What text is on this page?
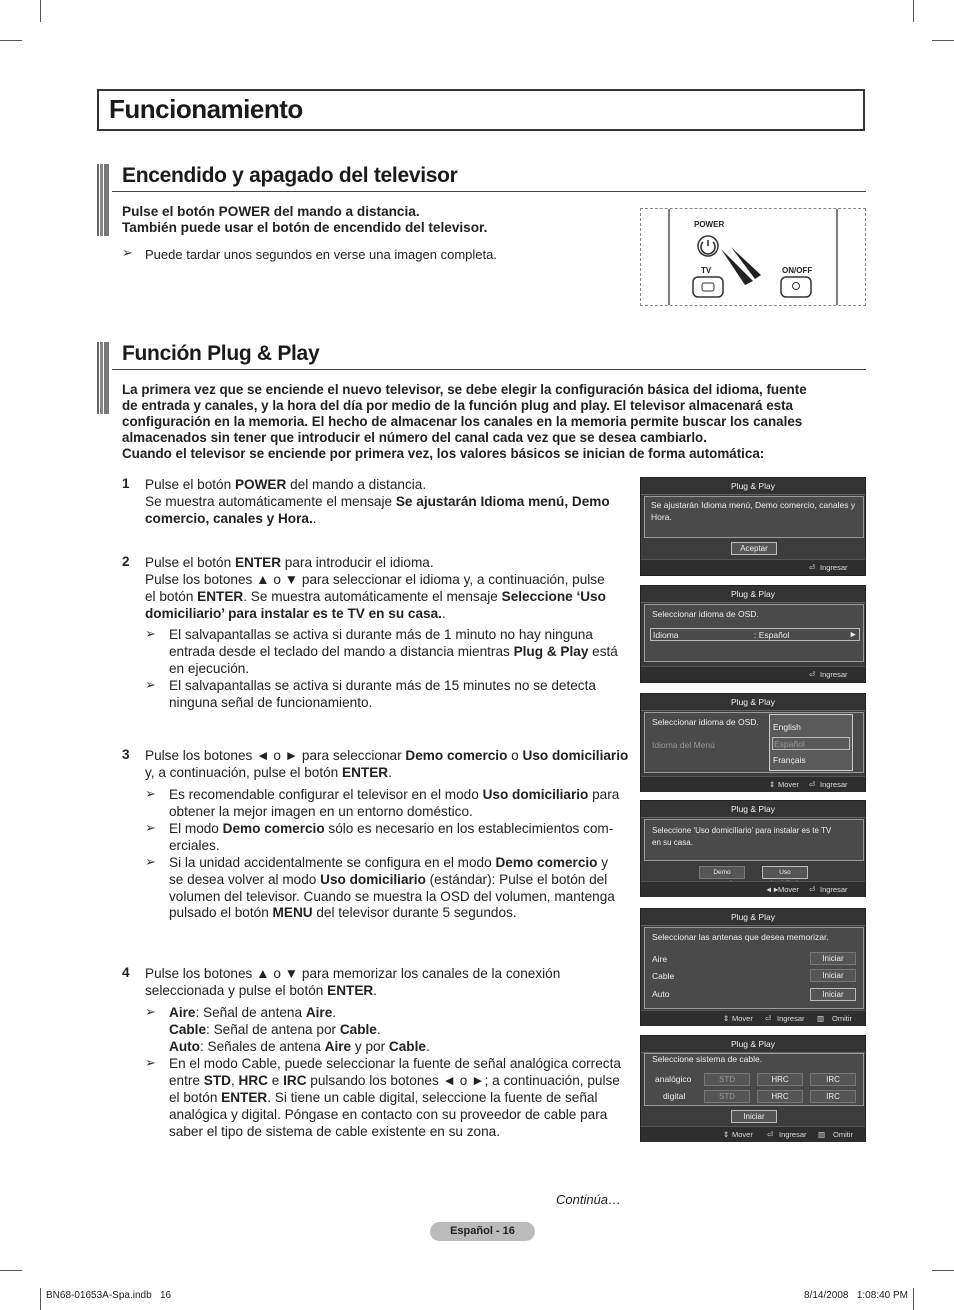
Funcionamiento
Encendido y apagado del televisor
Pulse el botón POWER del mando a distancia.
También puede usar el botón de encendido del televisor.
➢ Puede tardar unos segundos en verse una imagen completa.
POWER
TV	ON/OFF
Función Plug & Play
La primera vez que se enciende el nuevo televisor, se debe elegir la configuración básica del idioma, fuente
de entrada y canales, y la hora del día por medio de la función plug and play. El televisor almacenará esta
configuración en la memoria. El hecho de almacenar los canales en la memoria permite buscar los canales
almacenados sin tener que introducir el número del canal cada vez que se desea cambiarlo.
Cuando el televisor se enciende por primera vez, los valores básicos se inician de forma automática:
1 Pulse el botón POWER del mando a distancia.
Se muestra automáticamente el mensaje Se ajustarán Idioma menú, Demo
comercio, canales y Hora..
2 Pulse el botón ENTER para introducir el idioma.
Pulse los botones ▲ o ▼ para seleccionar el idioma y, a continuación, pulse
el botón ENTER. Se muestra automáticamente el mensaje Seleccione ‘Uso
domiciliario’ para instalar es te TV en su casa..
➢ El salvapantallas se activa si durante más de 1 minuto no hay ninguna
entrada desde el teclado del mando a distancia mientras Plug & Play está
en ejecución.
➢ El salvapantallas se activa si durante más de 15 minutes no se detecta
ninguna señal de funcionamiento.
3 Pulse los botones ◄ o ► para seleccionar Demo comercio o Uso domiciliario
y, a continuación, pulse el botón ENTER.
➢ Es recomendable configurar el televisor en el modo Uso domiciliario para
obtener la mejor imagen en un entorno doméstico.
➢ El modo Demo comercio sólo es necesario en los establecimientos com-
erciales.
➢ Si la unidad accidentalmente se configura en el modo Demo comercio y
se desea volver al modo Uso domiciliario (estándar): Pulse el botón del
volumen del televisor. Cuando se muestra la OSD del volumen, mantenga
pulsado el botón MENU del televisor durante 5 segundos.
4 Pulse los botones ▲ o ▼ para memorizar los canales de la conexión
seleccionada y pulse el botón ENTER.
➢ Aire: Señal de antena Aire.
Cable: Señal de antena por Cable.
Auto: Señales de antena Aire y por Cable.
➢ En el modo Cable, puede seleccionar la fuente de señal analógica correcta
entre STD, HRC e IRC pulsando los botones ◄ o ►; a continuación, pulse
el botón ENTER. Si tiene un cable digital, seleccione la fuente de señal
analógica y digital. Póngase en contacto con su proveedor de cable para
saber el tipo de sistema de cable existente en su zona.
Plug & Play
Se ajustarán Idioma menú, Demo comercio, canales y
Hora.
Aceptar
⏎ Ingresar
Plug & Play
Seleccionar idioma de OSD.
Idioma	: Español	►
⏎ Ingresar
Plug & Play
Seleccionar idioma de OSD.
Idioma del Menú
English
Español
Français
⇕ Mover ⏎ Ingresar
Plug & Play
Seleccione ‘Uso domiciliario’ para instalar es te TV
en su casa.
Demo	Uso
◄►
Mover ⏎ Ingresar
Plug & Play
Seleccionar las antenas que desea memorizar.
Aire	Iniciar
Cable	Iniciar
Auto	Iniciar
⇕ Mover ⏎ Ingresar ▥ Omitir
Plug & Play
Seleccione sistema de cable.
analógico	STD	HRC	IRC
digital	STD	HRC	IRC
Iniciar
⇕ Mover ⏎ Ingresar ▥ Omitir
Continúa…
Español - 16
BN68-01653A-Spa.indb   16	8/14/2008   1:08:40 PM
